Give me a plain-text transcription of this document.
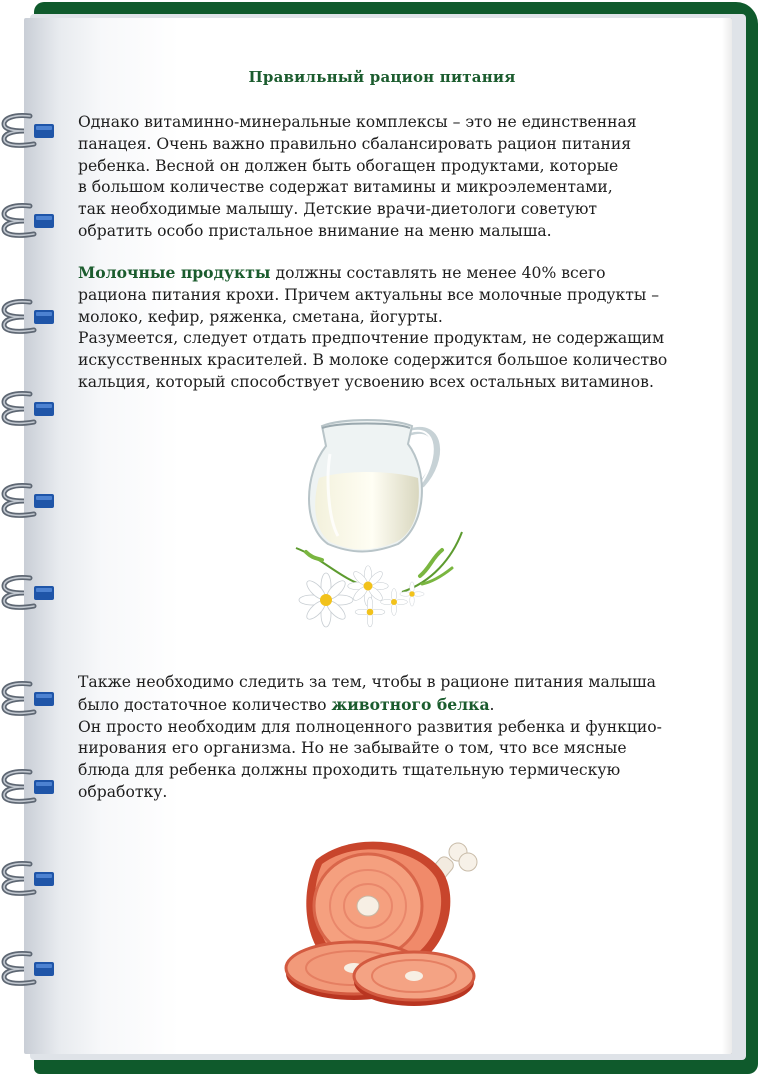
Правильный рацион питания

Однако витаминно-минеральные комплексы – это не единственная

панацея. Очень важно правильно сбалансировать рацион питания

ребенка. Весной он должен быть обогащен продуктами, которые

в большом количестве содержат витамины и микроэлементами,

так необходимые малышу. Детские врачи-диетологи советуют

обратить особо пристальное внимание на меню малыша.

Молочные продукты должны составлять не менее 40% всего

рациона питания крохи. Причем актуальны все молочные продукты –

молоко, кефир, ряженка, сметана, йогурты.

Разумеется, следует отдать предпочтение продуктам, не содержащим

искусственных красителей. В молоке содержится большое количество

кальция, который способствует усвоению всех остальных витаминов.

Также необходимо следить за тем, чтобы в рационе питания малыша

было достаточное количество животного белка.

Он просто необходим для полноценного развития ребенка и функцио-

нирования его организма. Но не забывайте о том, что все мясные

блюда для ребенка должны проходить тщательную термическую

обработку.
